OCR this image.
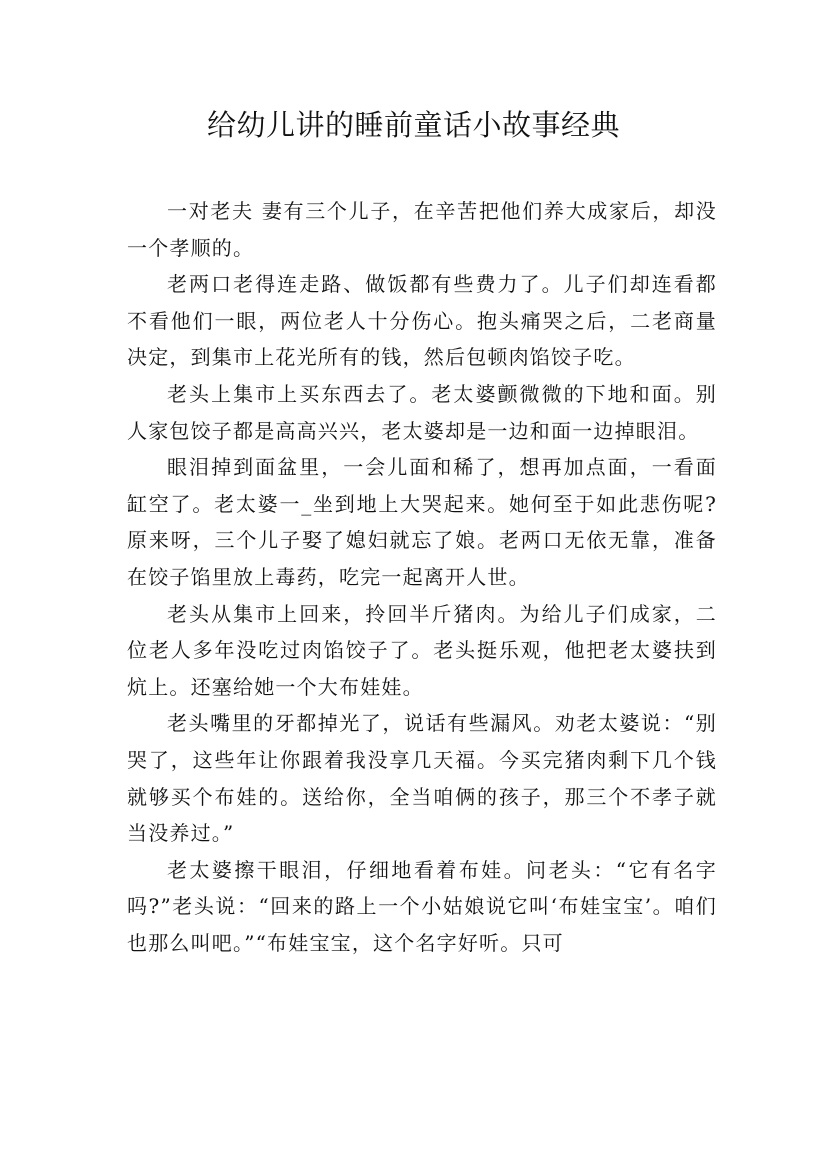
给幼儿讲的睡前童话小故事经典

一对老夫 妻有三个儿子，在辛苦把他们养大成家后，却没一个孝顺的。

老两口老得连走路、做饭都有些费力了。儿子们却连看都不看他们一眼，两位老人十分伤心。抱头痛哭之后，二老商量决定，到集市上花光所有的钱，然后包顿肉馅饺子吃。

老头上集市上买东西去了。老太婆颤微微的下地和面。别人家包饺子都是高高兴兴，老太婆却是一边和面一边掉眼泪。

眼泪掉到面盆里，一会儿面和稀了，想再加点面，一看面缸空了。老太婆一_坐到地上大哭起来。她何至于如此悲伤呢?原来呀，三个儿子娶了媳妇就忘了娘。老两口无依无靠，准备在饺子馅里放上毒药，吃完一起离开人世。

老头从集市上回来，拎回半斤猪肉。为给儿子们成家，二位老人多年没吃过肉馅饺子了。老头挺乐观，他把老太婆扶到炕上。还塞给她一个大布娃娃。

老头嘴里的牙都掉光了，说话有些漏风。劝老太婆说：“别哭了，这些年让你跟着我没享几天福。今买完猪肉剩下几个钱就够买个布娃的。送给你，全当咱俩的孩子，那三个不孝子就当没养过。”

老太婆擦干眼泪，仔细地看着布娃。问老头：“它有名字吗?”老头说：“回来的路上一个小姑娘说它叫‘布娃宝宝’。咱们也那么叫吧。”“布娃宝宝，这个名字好听。只可
